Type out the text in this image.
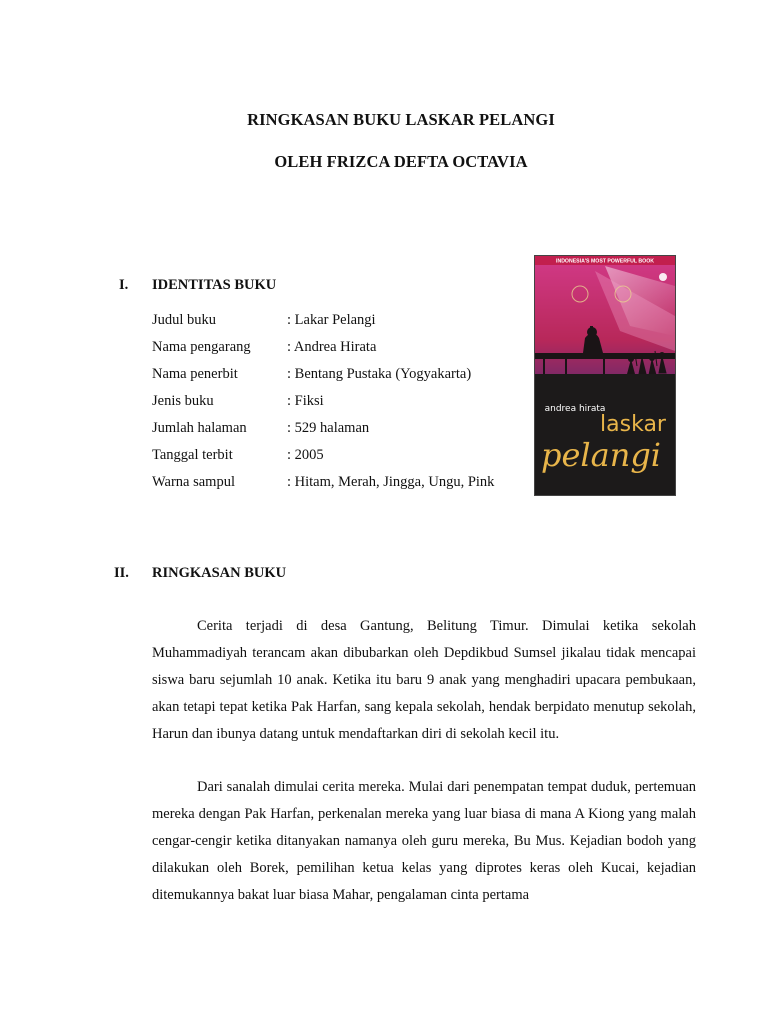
RINGKASAN BUKU LASKAR PELANGI
OLEH FRIZCA DEFTA OCTAVIA
I. IDENTITAS BUKU
Judul buku	: Lakar Pelangi
Nama pengarang	: Andrea Hirata
Nama penerbit	: Bentang Pustaka (Yogyakarta)
Jenis buku	: Fiksi
Jumlah halaman	: 529 halaman
Tanggal terbit	: 2005
Warna sampul	: Hitam, Merah, Jingga, Ungu, Pink
INDONESIA'S MOST POWERFUL BOOK
andrea hirata
laskar
pelangi
II. RINGKASAN BUKU

Cerita terjadi di desa Gantung, Belitung Timur. Dimulai ketika sekolah Muhammadiyah terancam akan dibubarkan oleh Depdikbud Sumsel jikalau tidak mencapai siswa baru sejumlah 10 anak. Ketika itu baru 9 anak yang menghadiri upacara pembukaan, akan tetapi tepat ketika Pak Harfan, sang kepala sekolah, hendak berpidato menutup sekolah, Harun dan ibunya datang untuk mendaftarkan diri di sekolah kecil itu.

Dari sanalah dimulai cerita mereka. Mulai dari penempatan tempat duduk, pertemuan mereka dengan Pak Harfan, perkenalan mereka yang luar biasa di mana A Kiong yang malah cengar-cengir ketika ditanyakan namanya oleh guru mereka, Bu Mus. Kejadian bodoh yang dilakukan oleh Borek, pemilihan ketua kelas yang diprotes keras oleh Kucai, kejadian ditemukannya bakat luar biasa Mahar, pengalaman cinta pertama
